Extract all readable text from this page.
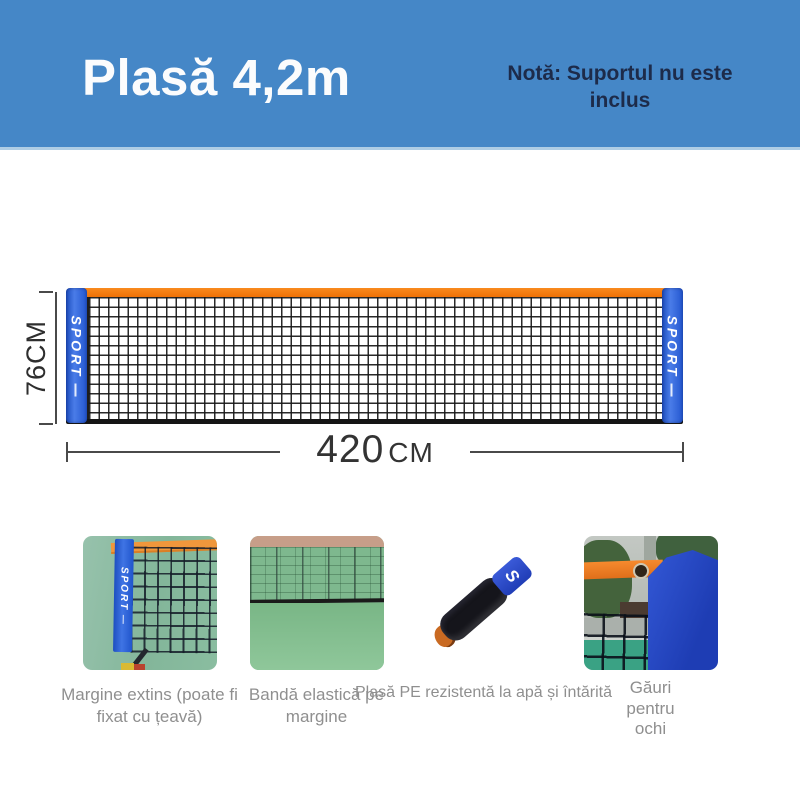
Plasă 4,2m	Notă: Suportul nu este inclus
SPORT	SPORT
76CM
420 CM
SPORT
Margine extins (poate fi fixat cu țeavă)
Bandă elastică pe margine
S
Plasă PE rezistentă la apă și întărită	Găuri pentru ochi
